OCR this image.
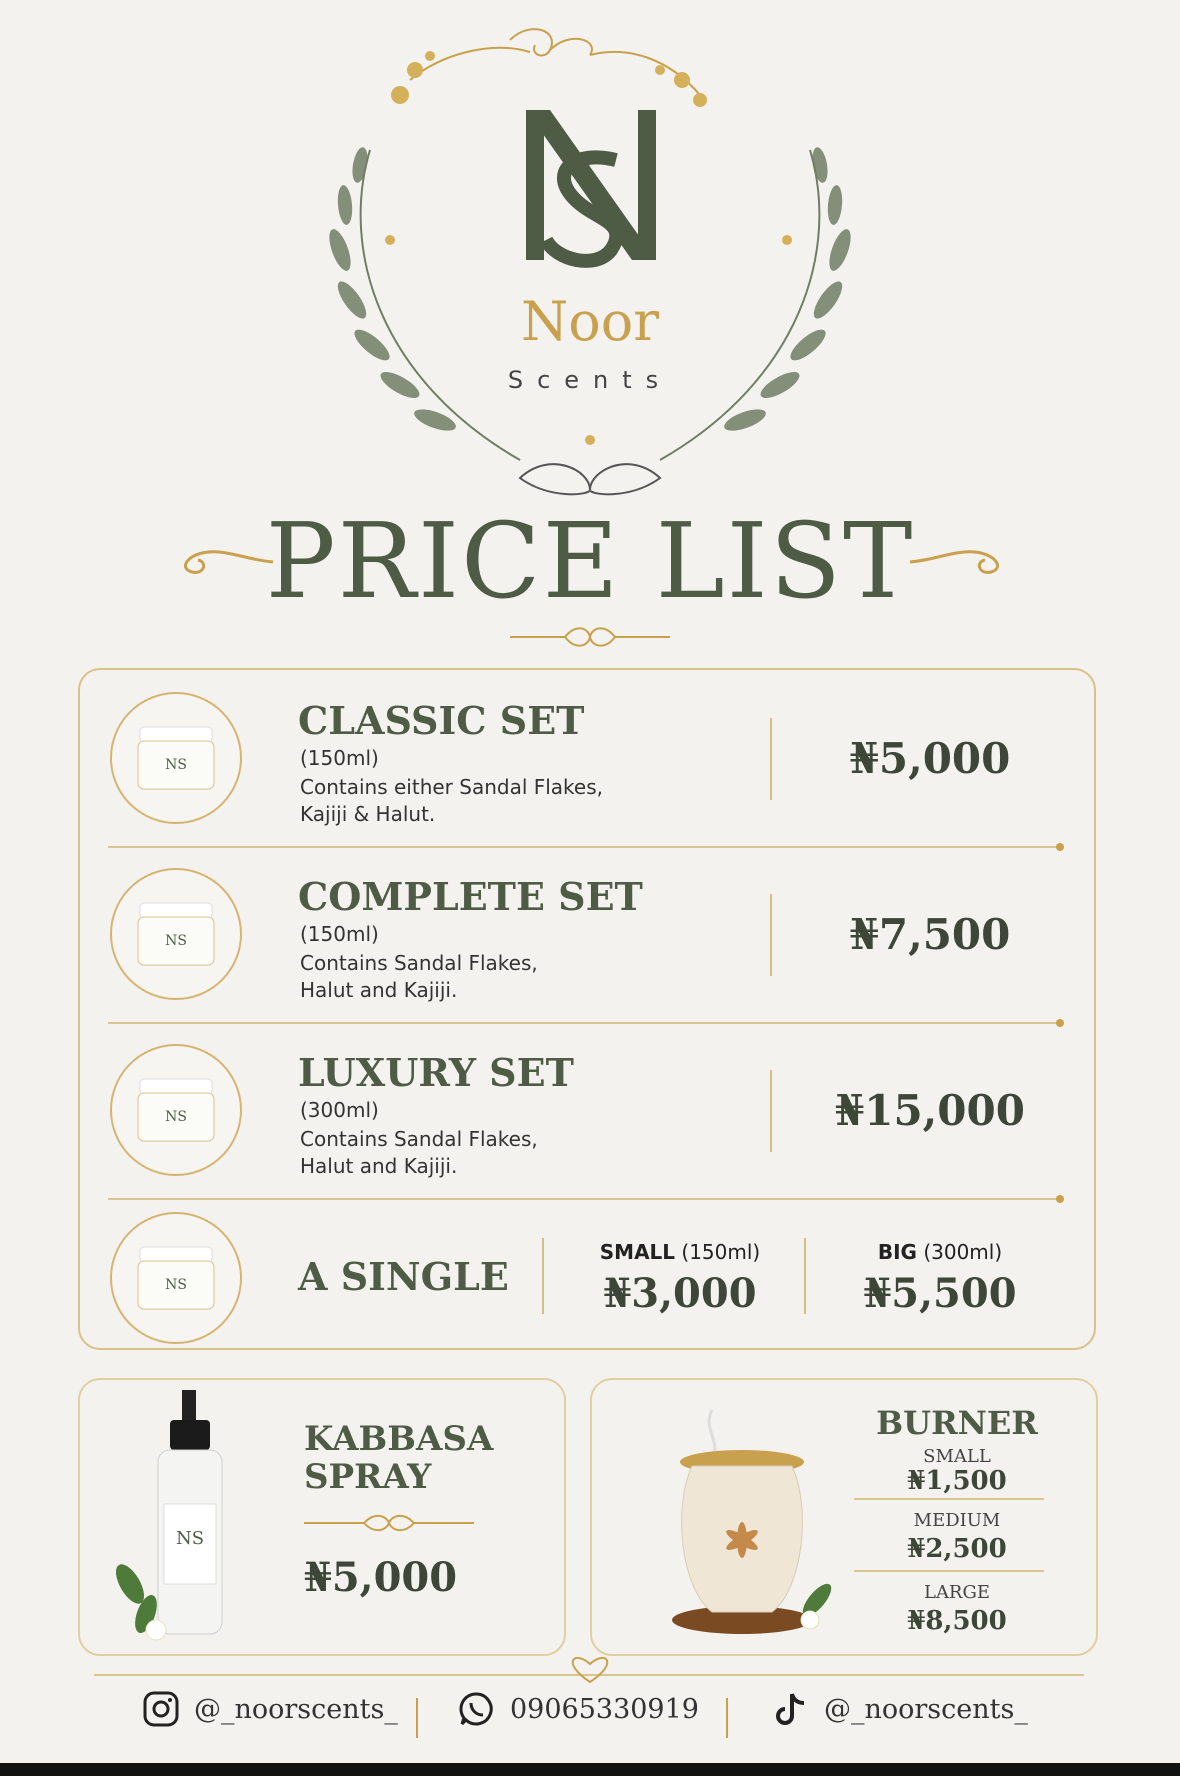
Noor
Scents
PRICE LIST
NS
CLASSIC SET
(150ml)
Contains either Sandal Flakes,
Kajiji & Halut.
₦5,000
NS
COMPLETE SET
(150ml)
Contains Sandal Flakes,
Halut and Kajiji.
₦7,500
NS
LUXURY SET
(300ml)
Contains Sandal Flakes,
Halut and Kajiji.
₦15,000
NS	A SINGLE
SMALL (150ml)
₦3,000
BIG (300ml)
₦5,500
NS
KABBASA
SPRAY
₦5,000
BURNER
SMALL
₦1,500
MEDIUM
₦2,500
LARGE
₦8,500
@_noorscents_	09065330919	@_noorscents_
